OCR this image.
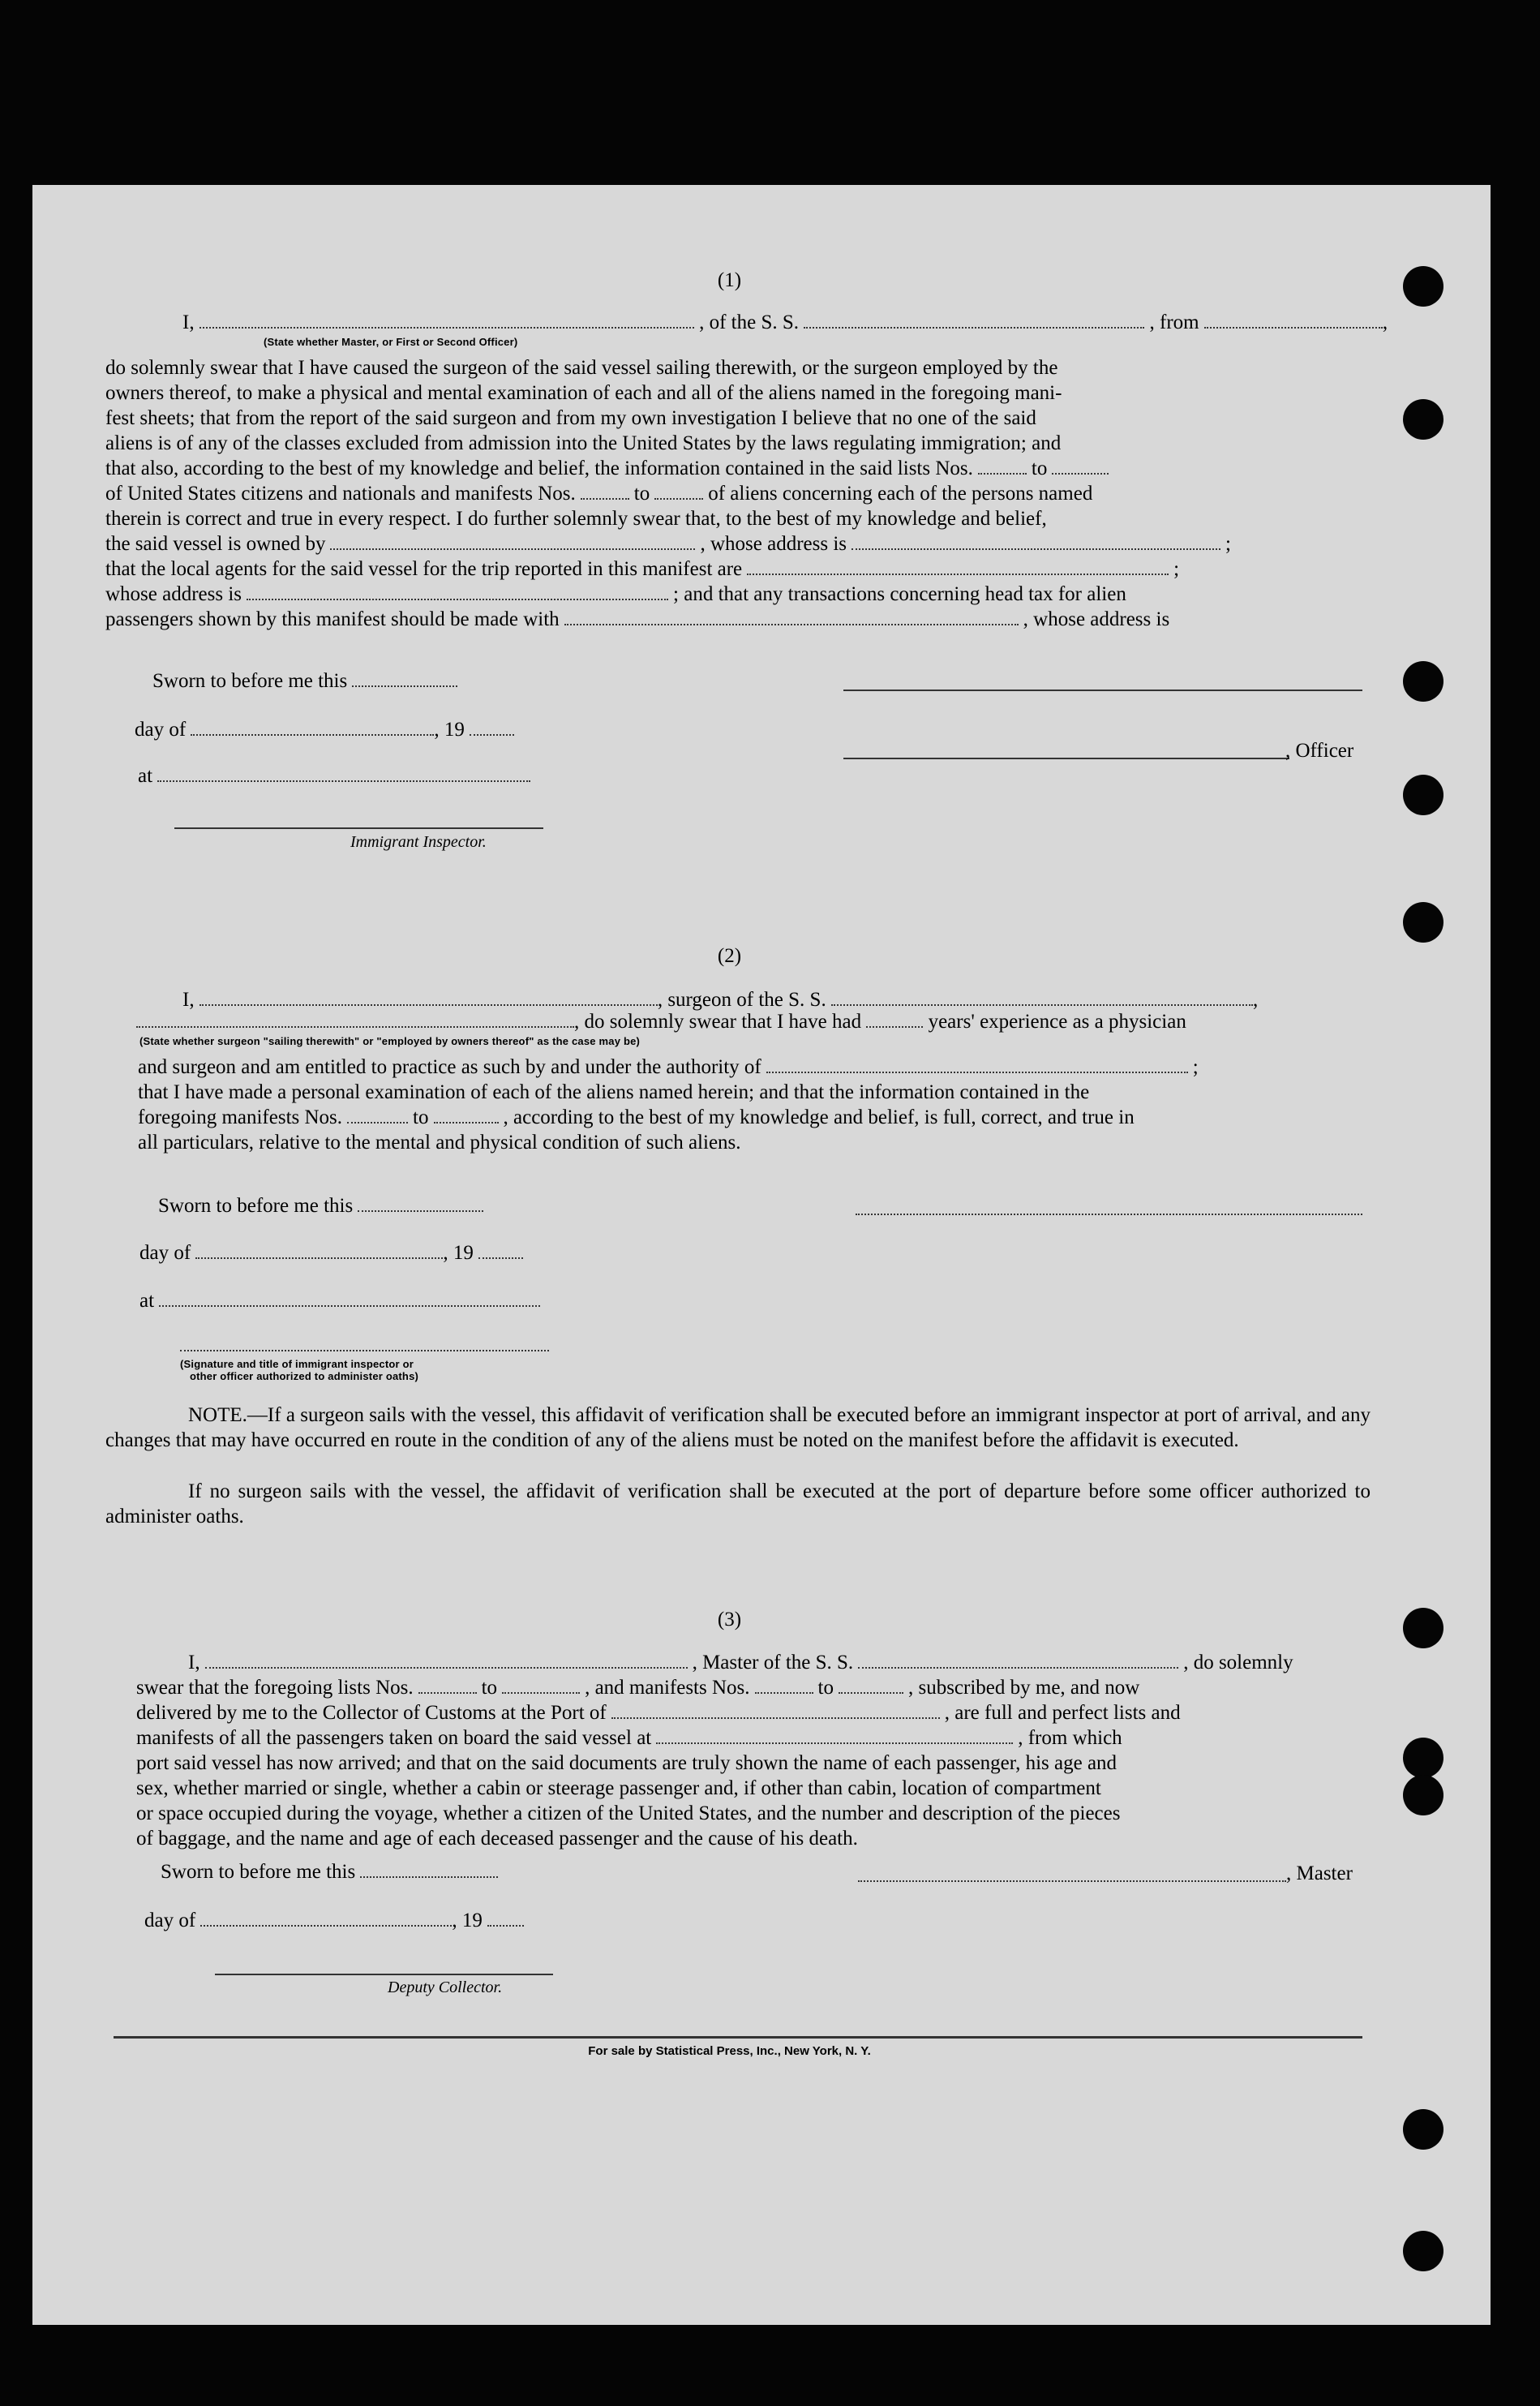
(1)
I,	, of the S. S.	, from	,
(State whether Master, or First or Second Officer)
do solemnly swear that I have caused the surgeon of the said vessel sailing therewith, or the surgeon employed by the
owners thereof, to make a physical and mental examination of each and all of the aliens named in the foregoing mani-
fest sheets; that from the report of the said surgeon and from my own investigation I believe that no one of the said
aliens is of any of the classes excluded from admission into the United States by the laws regulating immigration; and
that also, according to the best of my knowledge and belief, the information contained in the said lists Nos.	to
of United States citizens and nationals and manifests Nos.	to	of aliens concerning each of the persons named
therein is correct and true in every respect. I do further solemnly swear that, to the best of my knowledge and belief,
the said vessel is owned by	, whose address is	;
that the local agents for the said vessel for the trip reported in this manifest are	;
whose address is	; and that any transactions concerning head tax for alien
passengers shown by this manifest should be made with	, whose address is
Sworn to before me this
day of	, 19
, Officer
at
Immigrant Inspector.
(2)
I,	, surgeon of the S. S.	,
, do solemnly swear that I have had	years' experience as a physician
(State whether surgeon "sailing therewith" or "employed by owners thereof" as the case may be)
and surgeon and am entitled to practice as such by and under the authority of	;
that I have made a personal examination of each of the aliens named herein; and that the information contained in the
foregoing manifests Nos.	to	, according to the best of my knowledge and belief, is full, correct, and true in
all particulars, relative to the mental and physical condition of such aliens.
Sworn to before me this
day of	, 19
at
(Signature and title of immigrant inspector or
other officer authorized to administer oaths)
NOTE.—If a surgeon sails with the vessel, this affidavit of verification shall be executed before an immigrant inspector at port of arrival, and any changes that may have occurred en route in the condition of any of the aliens must be noted on the manifest before the affidavit is executed.
If no surgeon sails with the vessel, the affidavit of verification shall be executed at the port of departure before some officer authorized to administer oaths.
(3)
I,	, Master of the S. S.	, do solemnly
swear that the foregoing lists Nos.	to	, and manifests Nos.	to	, subscribed by me, and now
delivered by me to the Collector of Customs at the Port of	, are full and perfect lists and
manifests of all the passengers taken on board the said vessel at	, from which
port said vessel has now arrived; and that on the said documents are truly shown the name of each passenger, his age and
sex, whether married or single, whether a cabin or steerage passenger and, if other than cabin, location of compartment
or space occupied during the voyage, whether a citizen of the United States, and the number and description of the pieces
of baggage, and the name and age of each deceased passenger and the cause of his death.
Sworn to before me this	, Master
day of	, 19
Deputy Collector.
For sale by Statistical Press, Inc., New York, N. Y.
